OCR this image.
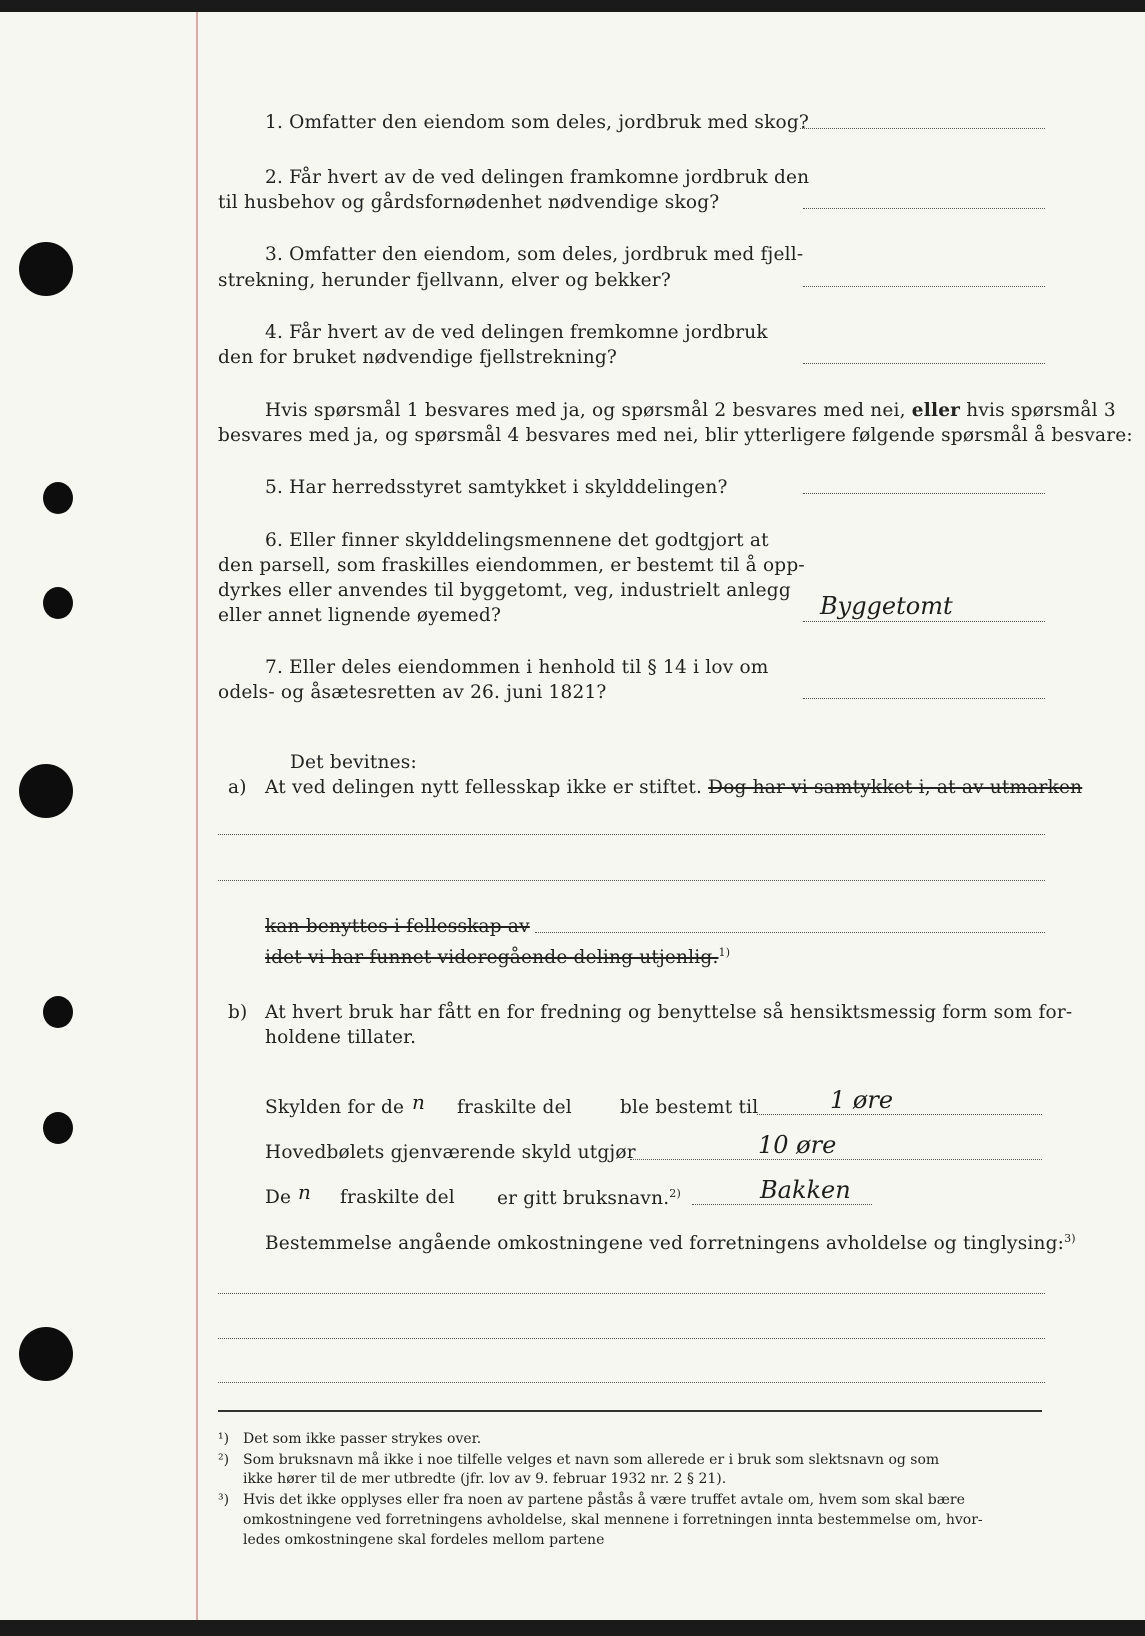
1. Omfatter den eiendom som deles, jordbruk med skog?
2. Får hvert av de ved delingen framkomne jordbruk den
til husbehov og gårdsfornødenhet nødvendige skog?
3. Omfatter den eiendom, som deles, jordbruk med fjell-
strekning, herunder fjellvann, elver og bekker?
4. Får hvert av de ved delingen fremkomne jordbruk
den for bruket nødvendige fjellstrekning?
Hvis spørsmål 1 besvares med ja, og spørsmål 2 besvares med nei, eller hvis spørsmål 3
besvares med ja, og spørsmål 4 besvares med nei, blir ytterligere følgende spørsmål å besvare:
5. Har herredsstyret samtykket i skylddelingen?
6. Eller finner skylddelingsmennene det godtgjort at
den parsell, som fraskilles eiendommen, er bestemt til å opp-
dyrkes eller anvendes til byggetomt, veg, industrielt anlegg
eller annet lignende øyemed?	Byggetomt
7. Eller deles eiendommen i henhold til § 14 i lov om
odels- og åsætesretten av 26. juni 1821?
Det bevitnes:
a) At ved delingen nytt fellesskap ikke er stiftet. Dog har vi samtykket i, at av utmarken
kan benyttes i fellesskap av
idet vi har funnet videregående deling utjenlig.$^{1)}$
b) At hvert bruk har fått en for fredning og benyttelse så hensiktsmessig form som for-
holdene tillater.
Skylden for de n fraskilte del	ble bestemt til	1 øre
Hovedbølets gjenværende skyld utgjør	10 øre
De n fraskilte del er gitt bruksnavn.$^{2)}$	Bakken
Bestemmelse angående omkostningene ved forretningens avholdelse og tinglysing:$^{3)}$
¹) Det som ikke passer strykes over.
²) Som bruksnavn må ikke i noe tilfelle velges et navn som allerede er i bruk som slektsnavn og som
ikke hører til de mer utbredte (jfr. lov av 9. februar 1932 nr. 2 § 21).
³) Hvis det ikke opplyses eller fra noen av partene påstås å være truffet avtale om, hvem som skal bære
omkostningene ved forretningens avholdelse, skal mennene i forretningen innta bestemmelse om, hvor-
ledes omkostningene skal fordeles mellom partene
